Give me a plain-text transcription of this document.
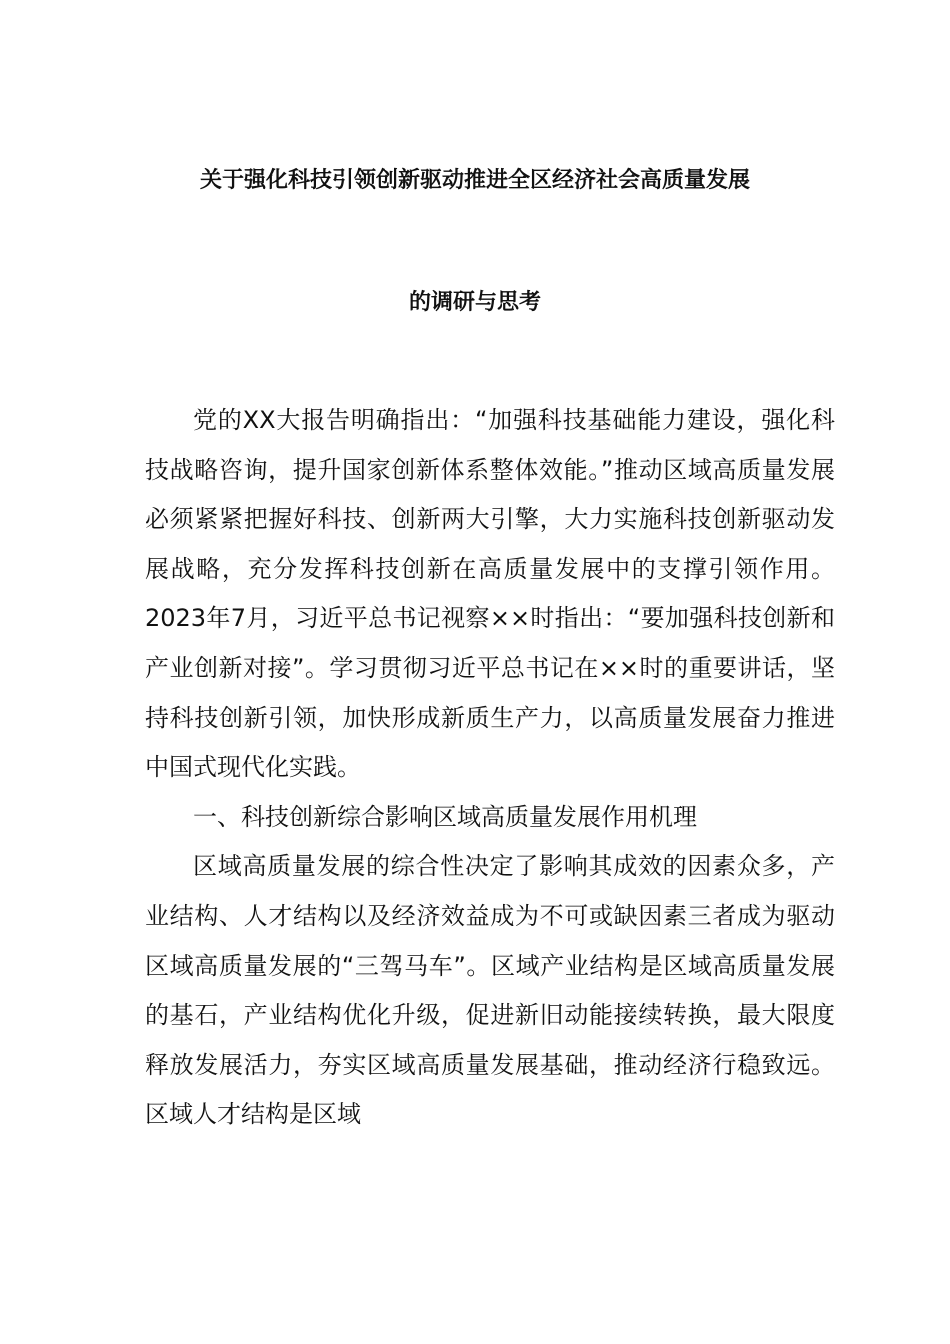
关于强化科技引领创新驱动推进全区经济社会高质量发展
的调研与思考

党的XX大报告明确指出：“加强科技基础能力建设，强化科技战略咨询，提升国家创新体系整体效能。”推动区域高质量发展必须紧紧把握好科技、创新两大引擎，大力实施科技创新驱动发展战略，充分发挥科技创新在高质量发展中的支撑引领作用。2023年7月，习近平总书记视察××时指出：“要加强科技创新和产业创新对接”。学习贯彻习近平总书记在××时的重要讲话，坚持科技创新引领，加快形成新质生产力，以高质量发展奋力推进中国式现代化实践。

一、科技创新综合影响区域高质量发展作用机理

区域高质量发展的综合性决定了影响其成效的因素众多，产业结构、人才结构以及经济效益成为不可或缺因素三者成为驱动区域高质量发展的“三驾马车”。区域产业结构是区域高质量发展的基石，产业结构优化升级，促进新旧动能接续转换，最大限度释放发展活力，夯实区域高质量发展基础，推动经济行稳致远。区域人才结构是区域
